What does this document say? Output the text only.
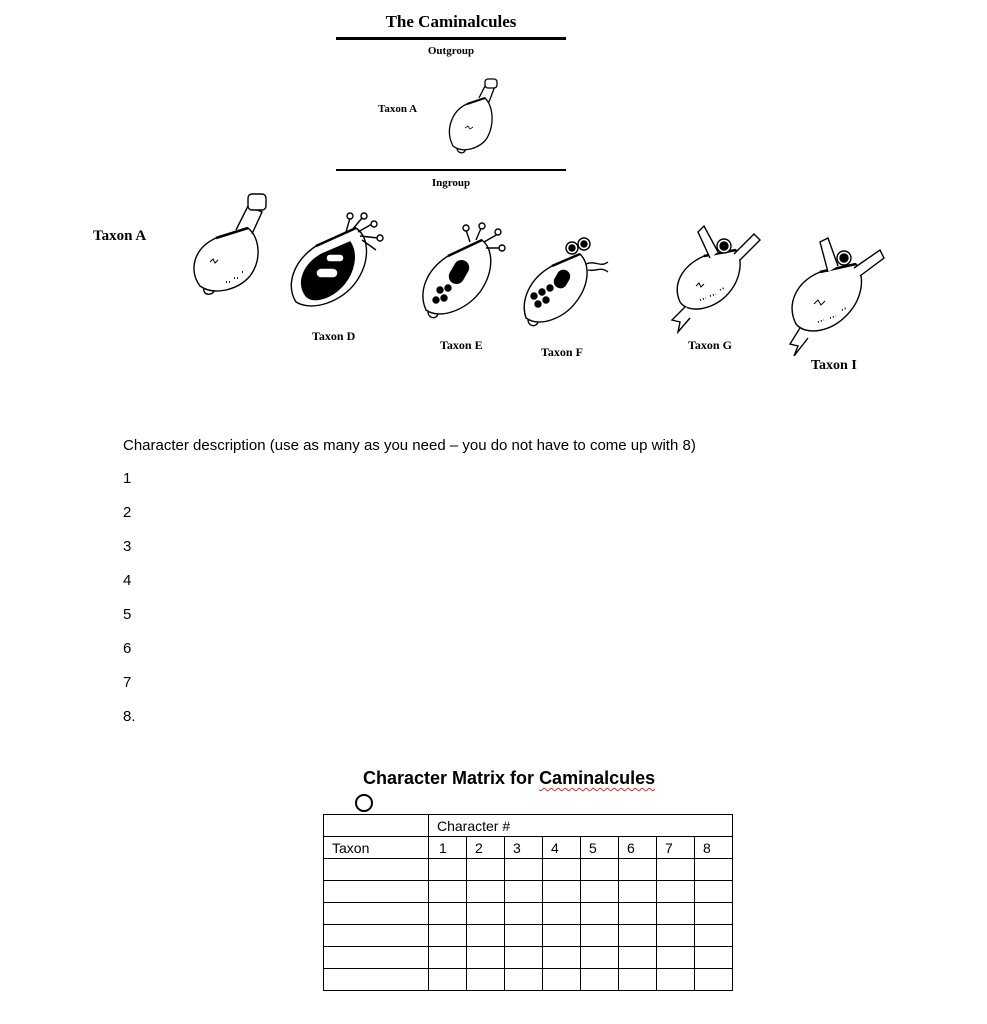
The Caminalcules
Outgroup
Taxon A
Ingroup
Taxon A
Taxon D
Taxon E	Taxon F	Taxon G
Taxon I
Character description (use as many as you need – you do not have to come up with 8)
1
2
3
4
5
6
7
8.
Character Matrix for Caminalcules
	Character #							
Taxon	1	2	3	4	5	6	7	8
